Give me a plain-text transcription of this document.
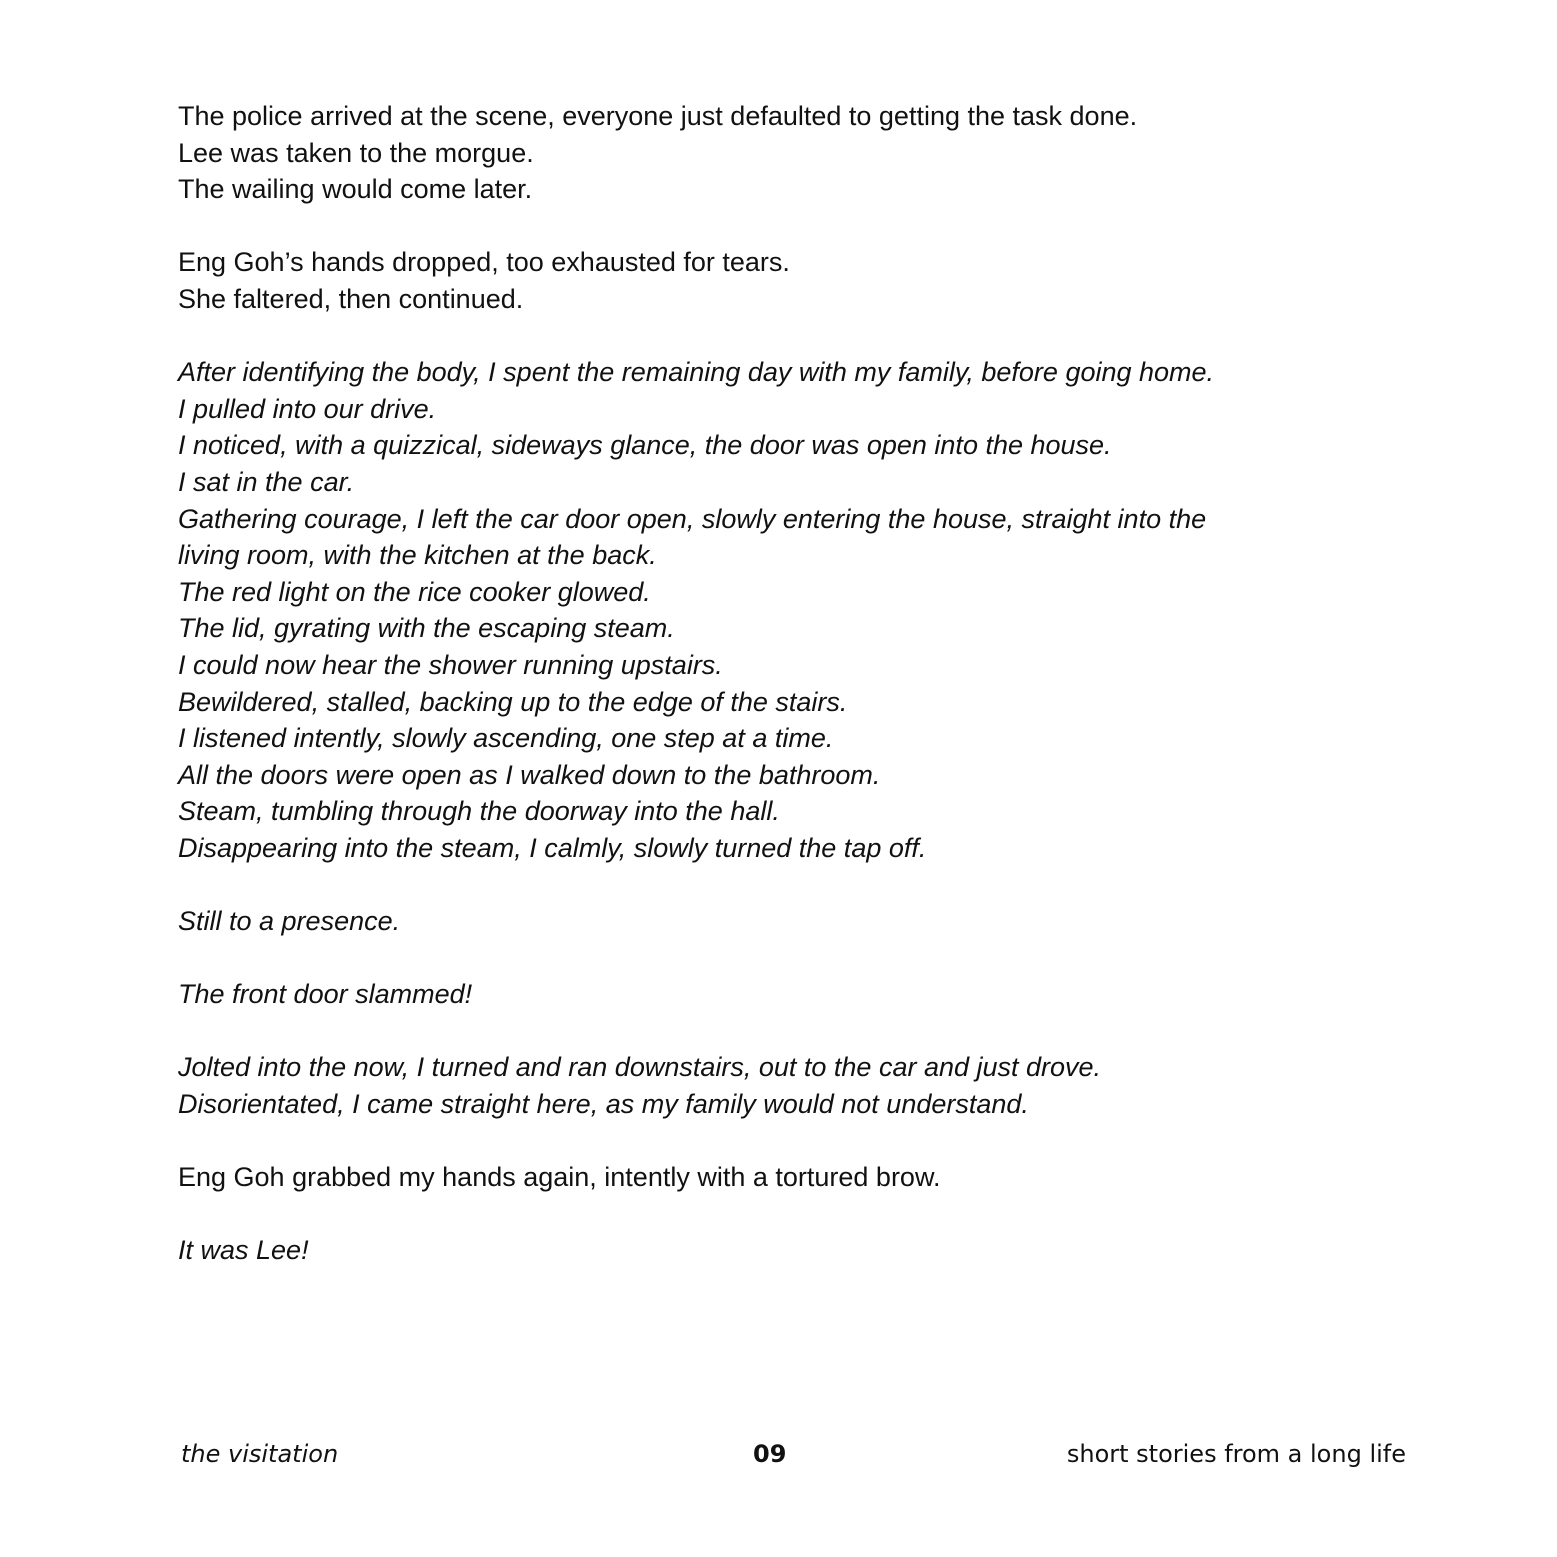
The police arrived at the scene, everyone just defaulted to getting the task done.
Lee was taken to the morgue.
The wailing would come later.
Eng Goh’s hands dropped, too exhausted for tears.
She faltered, then continued.
After identifying the body, I spent the remaining day with my family, before going home.
I pulled into our drive.
I noticed, with a quizzical, sideways glance, the door was open into the house.
I sat in the car.
Gathering courage, I left the car door open, slowly entering the house, straight into the
living room, with the kitchen at the back.
The red light on the rice cooker glowed.
The lid, gyrating with the escaping steam.
I could now hear the shower running upstairs.
Bewildered, stalled, backing up to the edge of the stairs.
I listened intently, slowly ascending, one step at a time.
All the doors were open as I walked down to the bathroom.
Steam, tumbling through the doorway into the hall.
Disappearing into the steam, I calmly, slowly turned the tap off.
Still to a presence.
The front door slammed!
Jolted into the now, I turned and ran downstairs, out to the car and just drove.
Disorientated, I came straight here, as my family would not understand.
Eng Goh grabbed my hands again, intently with a tortured brow.
It was Lee!
the visitation	09	short stories from a long life
